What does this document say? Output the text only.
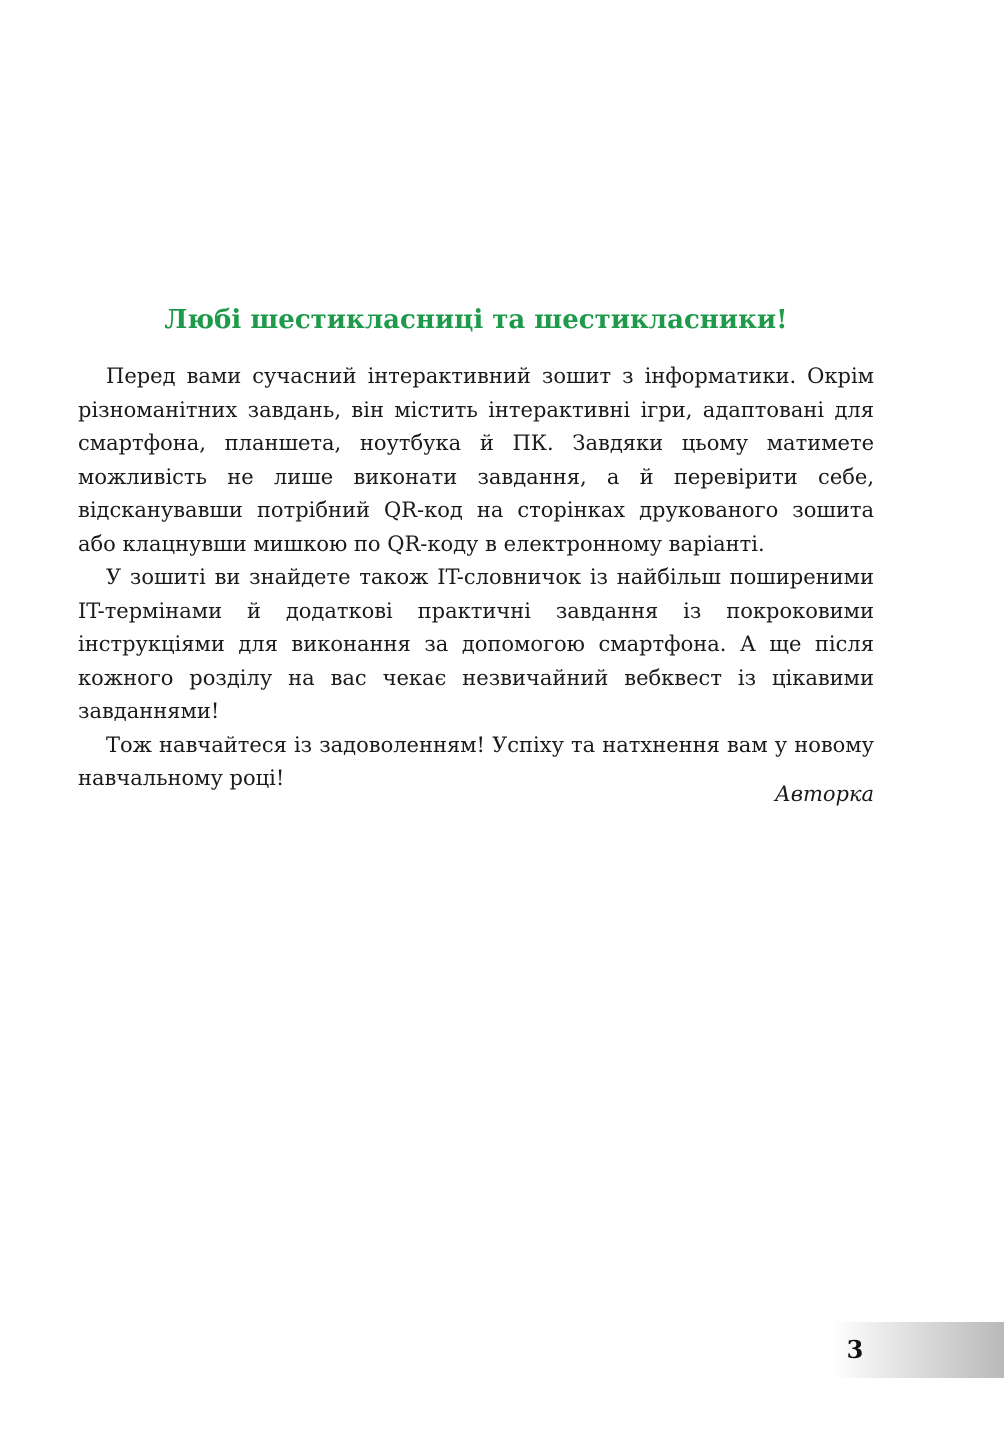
Любі шестикласниці та шестикласники!

Перед вами сучасний інтерактивний зошит з інформатики. Окрім різноманітних завдань, він містить інтерактивні ігри, адаптовані для смартфона, планшета, ноутбука й ПК. Завдяки цьому матимете можливість не лише виконати завдання, а й перевірити себе, відсканувавши потрібний QR-код на сторінках друкованого зошита або клацнувши мишкою по QR-коду в електронному варіанті.

У зошиті ви знайдете також IT-словничок із найбільш поширеними IT-термінами й додаткові практичні завдання із покроковими інструкціями для виконання за допомогою смартфона. А ще після кожного розділу на вас чекає незвичайний вебквест із цікавими завданнями!

Тож навчайтеся із задоволенням! Успіху та натхнення вам у новому навчальному році!

Авторка

3
